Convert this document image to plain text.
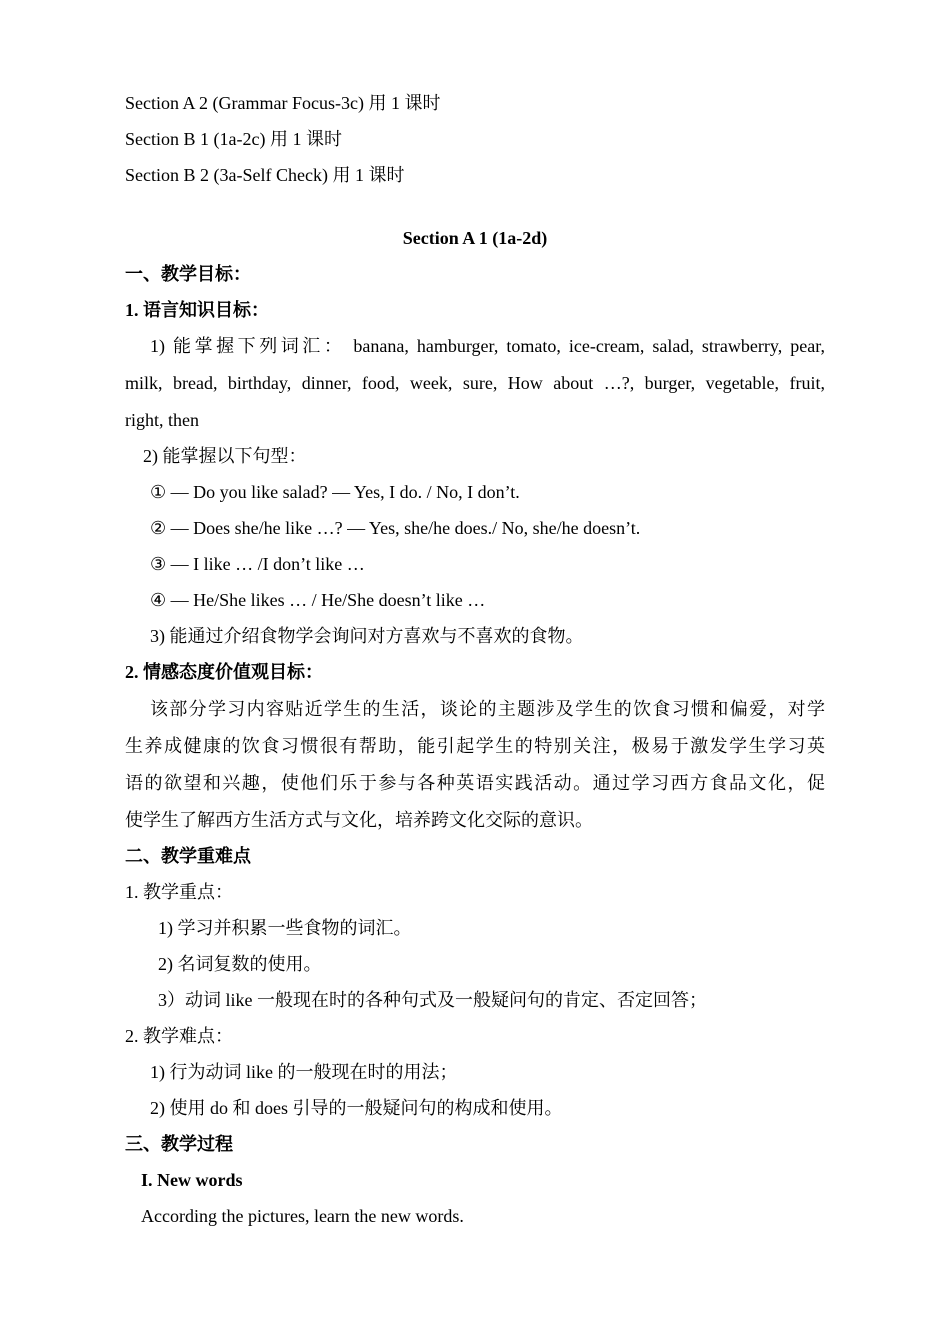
Section A 2 (Grammar Focus-3c) 用 1 课时
Section B 1 (1a-2c) 用 1 课时
Section B 2 (3a-Self Check) 用 1 课时
Section A 1 (1a-2d)
一、教学目标：
1. 语言知识目标：
1) 能掌握下列词汇： banana, hamburger, tomato, ice-cream, salad, strawberry, pear,
milk, bread, birthday, dinner, food, week, sure, How about …?, burger, vegetable, fruit,
right, then
2) 能掌握以下句型：
① — Do you like salad? — Yes, I do. / No, I don’t.
② — Does she/he like …? — Yes, she/he does./ No, she/he doesn’t.
③ — I like … /I don’t like …
④ — He/She likes … / He/She doesn’t like …
3) 能通过介绍食物学会询问对方喜欢与不喜欢的食物。
2. 情感态度价值观目标：
该部分学习内容贴近学生的生活，谈论的主题涉及学生的饮食习惯和偏爱，对学
生养成健康的饮食习惯很有帮助，能引起学生的特别关注，极易于激发学生学习英
语的欲望和兴趣，使他们乐于参与各种英语实践活动。通过学习西方食品文化，促
使学生了解西方生活方式与文化，培养跨文化交际的意识。
二、教学重难点
1. 教学重点：
1) 学习并积累一些食物的词汇。
2) 名词复数的使用。
3）动词 like 一般现在时的各种句式及一般疑问句的肯定、否定回答；
2. 教学难点：
1) 行为动词 like 的一般现在时的用法；
2) 使用 do 和 does 引导的一般疑问句的构成和使用。
三、教学过程
I. New words
According the pictures, learn the new words.
